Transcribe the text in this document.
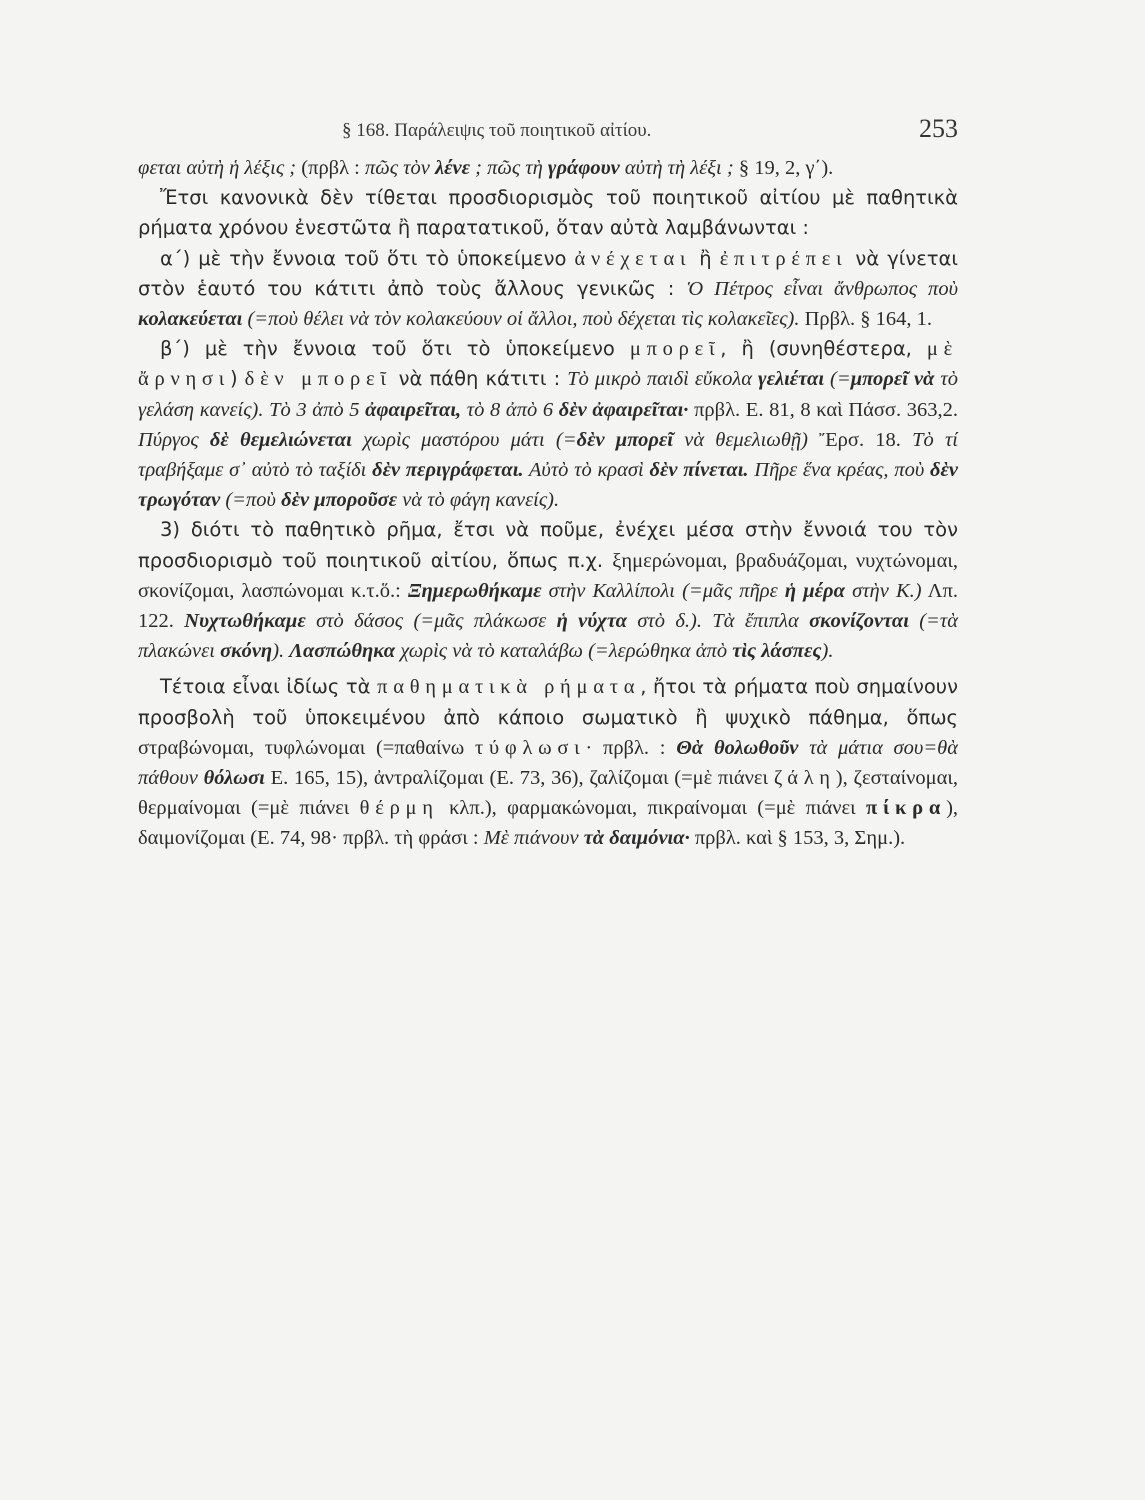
§ 168. Παράλειψις τοῦ ποιητικοῦ αἰτίου.	253

φεται αὐτὴ ἡ λέξις ; (πρβλ : πῶς τὸν λένε ; πῶς τὴ γράφουν αὐτὴ τὴ λέξι ; § 19, 2, γ΄).

Ἔτσι κανονικὰ δὲν τίθεται προσδιορισμὸς τοῦ ποιητικοῦ αἰτίου μὲ παθητικὰ ρήματα χρόνου ἐνεστῶτα ἢ παρατατικοῦ, ὅταν αὐτὰ λαμβάνωνται :

α΄) μὲ τὴν ἔννοια τοῦ ὅτι τὸ ὑποκείμενο ἀνέχεται ἢ ἐπιτρέπει νὰ γίνεται στὸν ἑαυτό του κάτιτι ἀπὸ τοὺς ἄλλους γενικῶς : Ὁ Πέτρος εἶναι ἄνθρωπος ποὺ κολακεύεται (=ποὺ θέλει νὰ τὸν κολακεύουν οἱ ἄλλοι, ποὺ δέχεται τὶς κολακεῖες). Πρβλ. § 164, 1.

β΄) μὲ τὴν ἔννοια τοῦ ὅτι τὸ ὑποκείμενο μπορεῖ, ἢ (συνηθέστερα, μὲ ἄρνησι) δὲν μπορεῖ νὰ πάθη κάτιτι : Τὸ μικρὸ παιδὶ εὔκολα γελιέται (=μπορεῖ νὰ τὸ γελάση κανείς). Τὸ 3 ἀπὸ 5 ἀφαιρεῖται, τὸ 8 ἀπὸ 6 δὲν ἀφαιρεῖται· πρβλ. Ε. 81, 8 καὶ Πάσσ. 363,2. Πύργος δὲ θεμελιώνεται χωρὶς μαστόρου μάτι (=δὲν μπορεῖ νὰ θεμελιωθῇ) Ἔρσ. 18. Τὸ τί τραβήξαμε σ᾿ αὐτὸ τὸ ταξίδι δὲν περιγράφεται. Αὐτὸ τὸ κρασὶ δὲν πίνεται. Πῆρε ἕνα κρέας, ποὺ δὲν τρωγόταν (=ποὺ δὲν μποροῦσε νὰ τὸ φάγη κανείς).

3) διότι τὸ παθητικὸ ρῆμα, ἔτσι νὰ ποῦμε, ἐνέχει μέσα στὴν ἔννοιά του τὸν προσδιορισμὸ τοῦ ποιητικοῦ αἰτίου, ὅπως π.χ. ξημερώνομαι, βραδυάζομαι, νυχτώνομαι, σκονίζομαι, λασπώνομαι κ.τ.ὅ.: Ξημερωθήκαμε στὴν Καλλίπολι (=μᾶς πῆρε ἡ μέρα στὴν Κ.) Λπ. 122. Νυχτωθήκαμε στὸ δάσος (=μᾶς πλάκωσε ἡ νύχτα στὸ δ.). Τὰ ἔπιπλα σκονίζονται (=τὰ πλακώνει σκόνη). Λασπώθηκα χωρὶς νὰ τὸ καταλάβω (=λερώθηκα ἀπὸ τὶς λάσπες).

Τέτοια εἶναι ἰδίως τὰ παθηματικὰ ρήματα, ἤτοι τὰ ρήματα ποὺ σημαίνουν προσβολὴ τοῦ ὑποκειμένου ἀπὸ κάποιο σωματικὸ ἢ ψυχικὸ πάθημα, ὅπως στραβώνομαι, τυφλώνομαι (=παθαίνω τύφλωσι· πρβλ. : Θὰ θολωθοῦν τὰ μάτια σου=θὰ πάθουν θόλωσι Ε. 165, 15), ἀντραλίζομαι (Ε. 73, 36), ζαλίζομαι (=μὲ πιάνει ζάλη), ζεσταίνομαι, θερμαίνομαι (=μὲ πιάνει θέρμη κλπ.), φαρμακώνομαι, πικραίνομαι (=μὲ πιάνει πίκρα), δαιμονίζομαι (Ε. 74, 98· πρβλ. τὴ φράσι : Μὲ πιάνουν τὰ δαιμόνια· πρβλ. καὶ § 153, 3, Σημ.).
